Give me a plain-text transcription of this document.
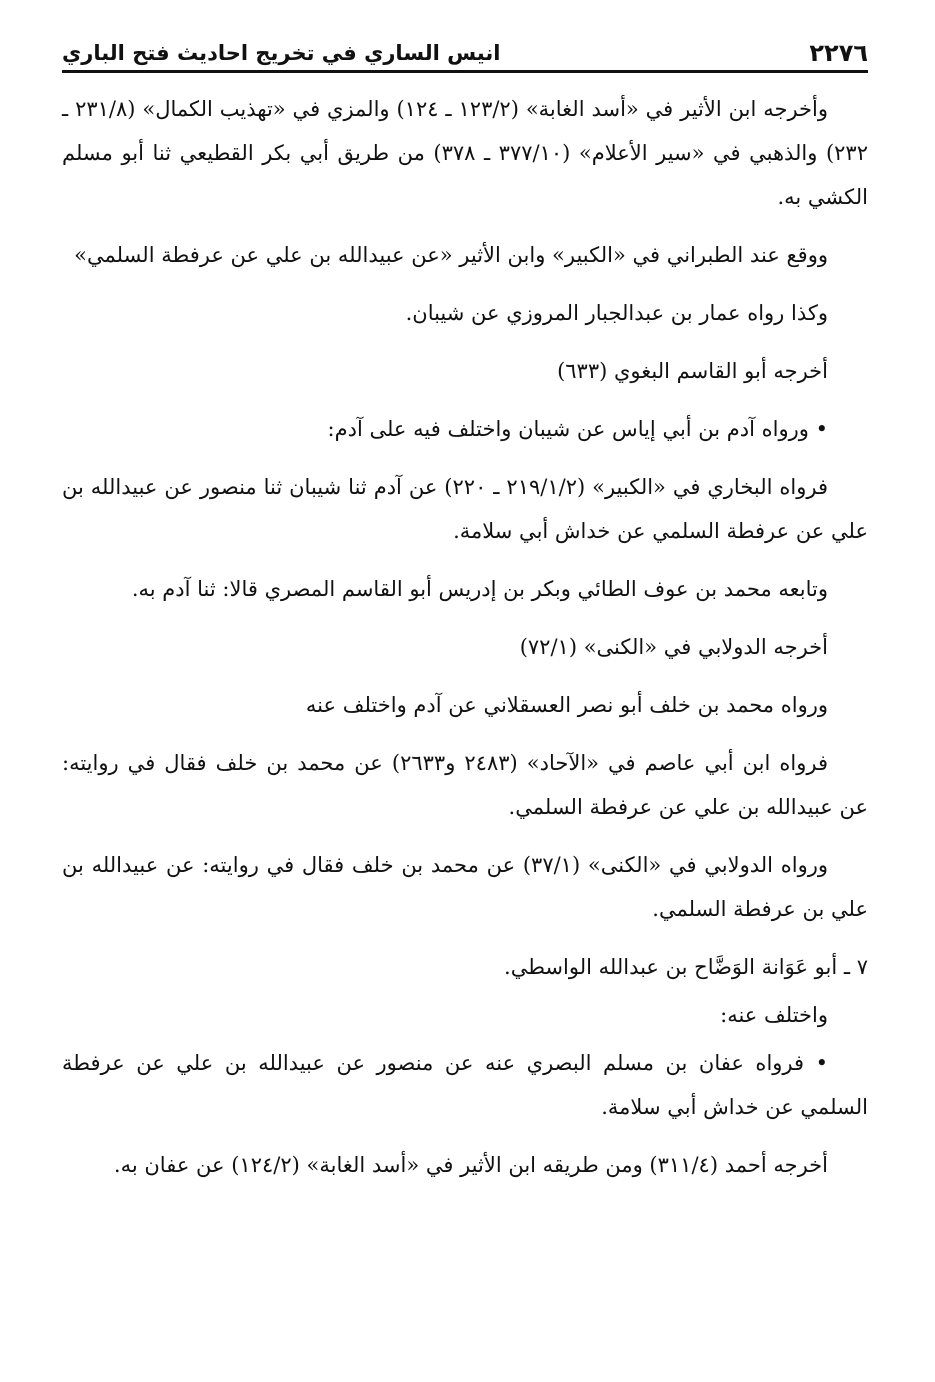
٢٢٧٦
انيس الساري في تخريج احاديث فتح الباري

وأخرجه ابن الأثير في «أسد الغابة» (١٢٣/٢ ـ ١٢٤) والمزي في «تهذيب الكمال» (٢٣١/٨ ـ ٢٣٢) والذهبي في «سير الأعلام» (٣٧٧/١٠ ـ ٣٧٨) من طريق أبي بكر القطيعي ثنا أبو مسلم الكشي به.

ووقع عند الطبراني في «الكبير» وابن الأثير «عن عبيدالله بن علي عن عرفطة السلمي»

وكذا رواه عمار بن عبدالجبار المروزي عن شيبان.

أخرجه أبو القاسم البغوي (٦٣٣)

• ورواه آدم بن أبي إياس عن شيبان واختلف فيه على آدم:

فرواه البخاري في «الكبير» (٢١٩/١/٢ ـ ٢٢٠) عن آدم ثنا شيبان ثنا منصور عن عبيدالله بن علي عن عرفطة السلمي عن خداش أبي سلامة.

وتابعه محمد بن عوف الطائي وبكر بن إدريس أبو القاسم المصري قالا: ثنا آدم به.

أخرجه الدولابي في «الكنى» (٧٢/١)

ورواه محمد بن خلف أبو نصر العسقلاني عن آدم واختلف عنه

فرواه ابن أبي عاصم في «الآحاد» (٢٤٨٣ و٢٦٣٣) عن محمد بن خلف فقال في روايته: عن عبيدالله بن علي عن عرفطة السلمي.

ورواه الدولابي في «الكنى» (٣٧/١) عن محمد بن خلف فقال في روايته: عن عبيدالله بن علي بن عرفطة السلمي.

٧ ـ أبو عَوَانة الوَضَّاح بن عبدالله الواسطي.

واختلف عنه:

• فرواه عفان بن مسلم البصري عنه عن منصور عن عبيدالله بن علي عن عرفطة السلمي عن خداش أبي سلامة.

أخرجه أحمد (٣١١/٤) ومن طريقه ابن الأثير في «أسد الغابة» (١٢٤/٢) عن عفان به.
